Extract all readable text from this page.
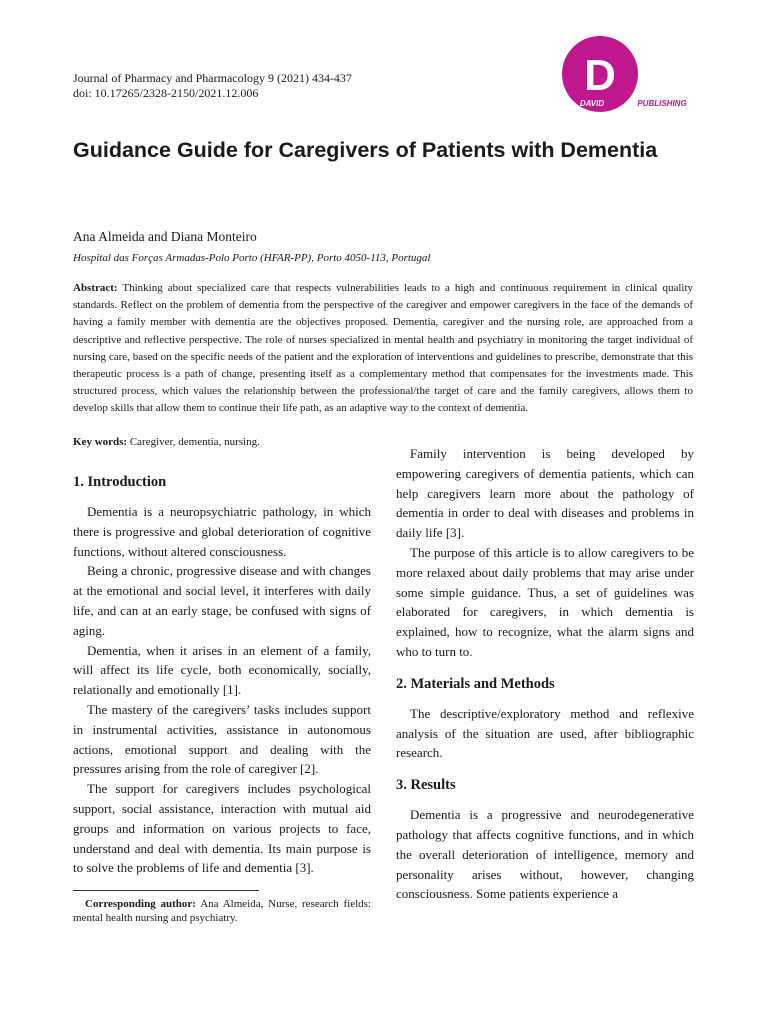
Journal of Pharmacy and Pharmacology 9 (2021) 434-437
doi: 10.17265/2328-2150/2021.12.006	D
DAVID	PUBLISHING
Guidance Guide for Caregivers of Patients with Dementia
Ana Almeida and Diana Monteiro
Hospital das Forças Armadas-Polo Porto (HFAR-PP), Porto 4050-113, Portugal

Abstract: Thinking about specialized care that respects vulnerabilities leads to a high and continuous requirement in clinical quality standards. Reflect on the problem of dementia from the perspective of the caregiver and empower caregivers in the face of the demands of having a family member with dementia are the objectives proposed. Dementia, caregiver and the nursing role, are approached from a descriptive and reflective perspective. The role of nurses specialized in mental health and psychiatry in monitoring the target individual of nursing care, based on the specific needs of the patient and the exploration of interventions and guidelines to prescribe, demonstrate that this therapeutic process is a path of change, presenting itself as a complementary method that compensates for the investments made. This structured process, which values the relationship between the professional/the target of care and the family caregivers, allows them to develop skills that allow them to continue their life path, as an adaptive way to the context of dementia.

Key words: Caregiver, dementia, nursing.
1. Introduction

Dementia is a neuropsychiatric pathology, in which there is progressive and global deterioration of cognitive functions, without altered consciousness.

Being a chronic, progressive disease and with changes at the emotional and social level, it interferes with daily life, and can at an early stage, be confused with signs of aging.

Dementia, when it arises in an element of a family, will affect its life cycle, both economically, socially, relationally and emotionally [1].

The mastery of the caregivers’ tasks includes support in instrumental activities, assistance in autonomous actions, emotional support and dealing with the pressures arising from the role of caregiver [2].

The support for caregivers includes psychological support, social assistance, interaction with mutual aid groups and information on various projects to face, understand and deal with dementia. Its main purpose is to solve the problems of life and dementia [3].

Family intervention is being developed by empowering caregivers of dementia patients, which can help caregivers learn more about the pathology of dementia in order to deal with diseases and problems in daily life [3].

The purpose of this article is to allow caregivers to be more relaxed about daily problems that may arise under some simple guidance. Thus, a set of guidelines was elaborated for caregivers, in which dementia is explained, how to recognize, what the alarm signs and who to turn to.

2. Materials and Methods

The descriptive/exploratory method and reflexive analysis of the situation are used, after bibliographic research.

3. Results

Dementia is a progressive and neurodegenerative pathology that affects cognitive functions, and in which the overall deterioration of intelligence, memory and personality arises without, however, changing consciousness. Some patients experience a

Corresponding author: Ana Almeida, Nurse, research fields: mental health nursing and psychiatry.
